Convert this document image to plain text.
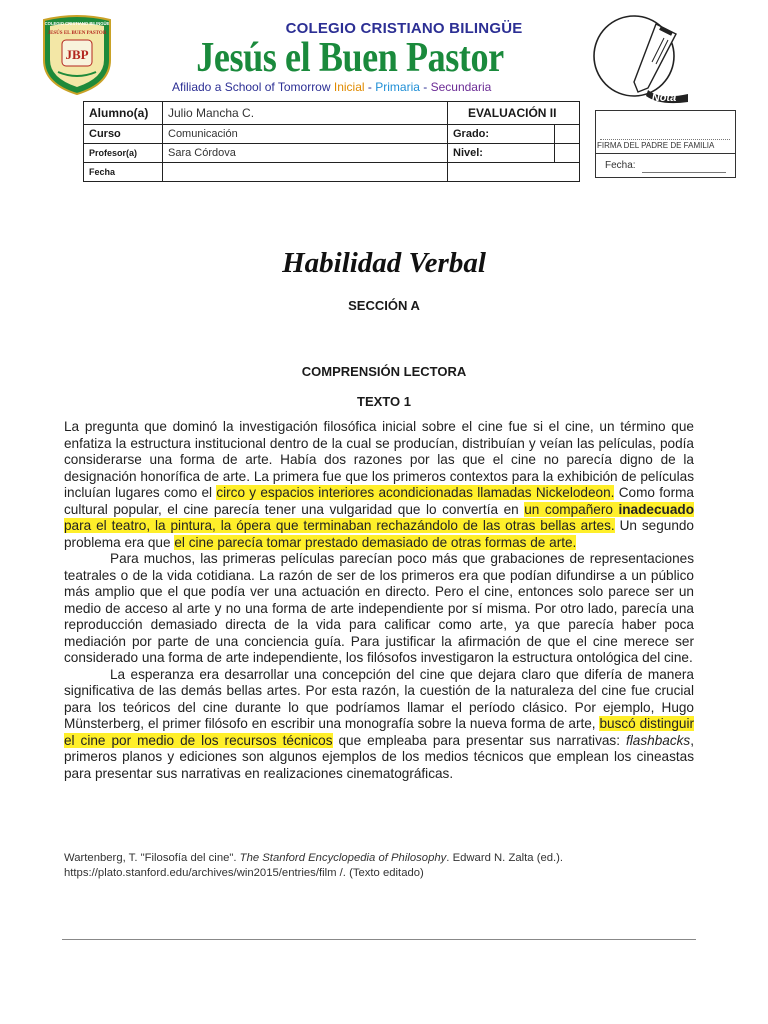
COLEGIO CRISTIANO BILINGÜE
JESÚS EL BUEN PASTOR
JBP
COLEGIO CRISTIANO BILINGÜE
Jesús el Buen Pastor
Afiliado a School of Tomorrow Inicial - Primaria - Secundaria
Nota
Alumno(a)	Julio Mancha C.	EVALUACIÓN II	
Curso	Comunicación	Grado:	
Profesor(a)	Sara Córdova	Nivel:	
Fecha			
FIRMA DEL PADRE DE FAMILIA
Fecha:
Habilidad Verbal
SECCIÓN A
COMPRENSIÓN LECTORA
TEXTO 1

La pregunta que dominó la investigación filosófica inicial sobre el cine fue si el cine, un término que enfatiza la estructura institucional dentro de la cual se producían, distribuían y veían las películas, podía considerarse una forma de arte. Había dos razones por las que el cine no parecía digno de la designación honorífica de arte. La primera fue que los primeros contextos para la exhibición de películas incluían lugares como el circo y espacios interiores acondicionadas llamadas Nickelodeon. Como forma cultural popular, el cine parecía tener una vulgaridad que lo convertía en un compañero inadecuado para el teatro, la pintura, la ópera que terminaban rechazándolo de las otras bellas artes. Un segundo problema era que el cine parecía tomar prestado demasiado de otras formas de arte.

Para muchos, las primeras películas parecían poco más que grabaciones de representaciones teatrales o de la vida cotidiana. La razón de ser de los primeros era que podían difundirse a un público más amplio que el que podía ver una actuación en directo. Pero el cine, entonces solo parece ser un medio de acceso al arte y no una forma de arte independiente por sí misma. Por otro lado, parecía una reproducción demasiado directa de la vida para calificar como arte, ya que parecía haber poca mediación por parte de una conciencia guía. Para justificar la afirmación de que el cine merece ser considerado una forma de arte independiente, los filósofos investigaron la estructura ontológica del cine.

La esperanza era desarrollar una concepción del cine que dejara claro que difería de manera significativa de las demás bellas artes. Por esta razón, la cuestión de la naturaleza del cine fue crucial para los teóricos del cine durante lo que podríamos llamar el período clásico. Por ejemplo, Hugo Münsterberg, el primer filósofo en escribir una monografía sobre la nueva forma de arte, buscó distinguir el cine por medio de los recursos técnicos que empleaba para presentar sus narrativas: flashbacks, primeros planos y ediciones son algunos ejemplos de los medios técnicos que emplean los cineastas para presentar sus narrativas en realizaciones cinematográficas.

Wartenberg, T. "Filosofía del cine". The Stanford Encyclopedia of Philosophy. Edward N. Zalta (ed.).
https://plato.stanford.edu/archives/win2015/entries/film /. (Texto editado)
